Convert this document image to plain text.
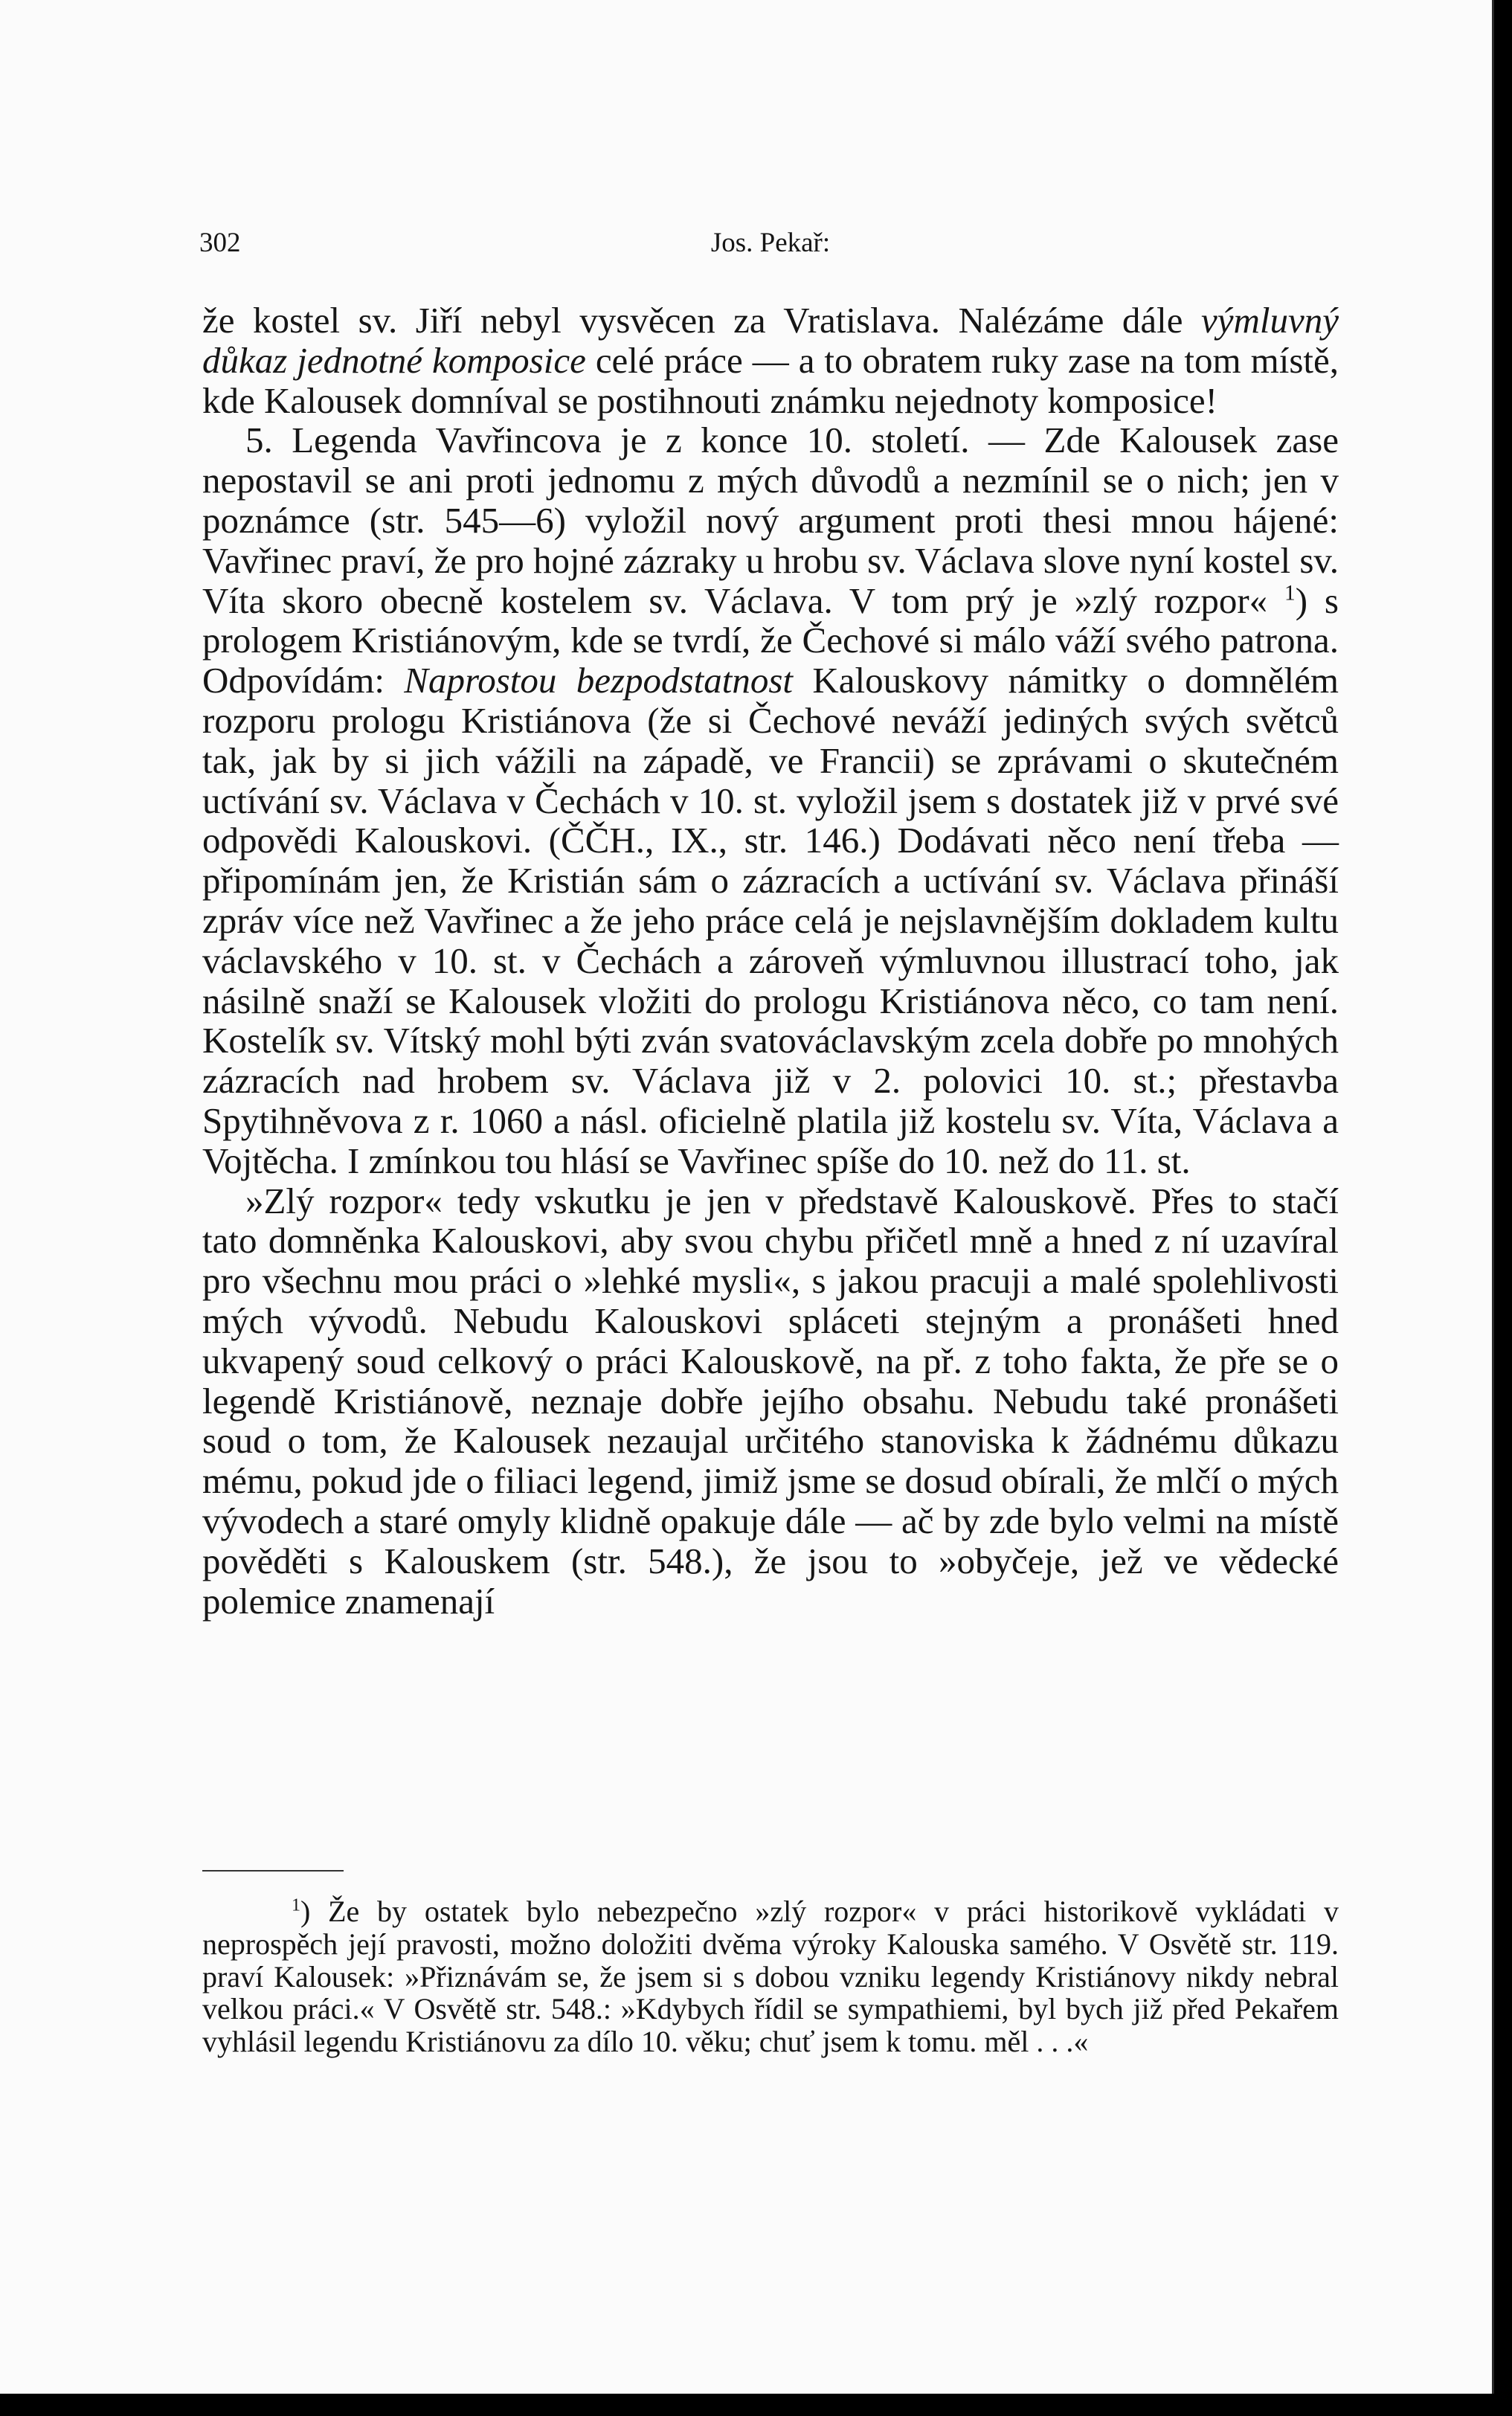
302	Jos. Pekař:

že kostel sv. Jiří nebyl vysvěcen za Vratislava. Nalézáme dále výmluvný důkaz jednotné komposice celé práce — a to obratem ruky zase na tom místě, kde Kalousek domníval se postihnouti známku nejednoty komposice!

5. Legenda Vavřincova je z konce 10. století. — Zde Kalousek zase nepostavil se ani proti jednomu z mých důvodů a nezmínil se o nich; jen v poznámce (str. 545—6) vyložil nový argument proti thesi mnou hájené: Vavřinec praví, že pro hojné zázraky u hrobu sv. Václava slove nyní kostel sv. Víta skoro obecně kostelem sv. Václava. V tom prý je »zlý rozpor« $^1$) s prologem Kristiánovým, kde se tvrdí, že Čechové si málo váží svého patrona. Odpovídám: Naprostou bezpodstatnost Kalouskovy námitky o domnělém rozporu prologu Kristiánova (že si Čechové neváží jediných svých světců tak, jak by si jich vážili na západě, ve Francii) se zprávami o skutečném uctívání sv. Václava v Čechách v 10. st. vyložil jsem s dostatek již v prvé své odpovědi Kalouskovi. (ČČH., IX., str. 146.) Dodávati něco není třeba — připomínám jen, že Kristián sám o zázracích a uctívání sv. Václava přináší zpráv více než Vavřinec a že jeho práce celá je nejslavnějším dokladem kultu václavského v 10. st. v Čechách a zároveň výmluvnou illustrací toho, jak násilně snaží se Kalousek vložiti do prologu Kristiánova něco, co tam není. Kostelík sv. Vítský mohl býti zván svatováclavským zcela dobře po mnohých zázracích nad hrobem sv. Václava již v 2. polovici 10. st.; přestavba Spytihněvova z r. 1060 a násl. oficielně platila již kostelu sv. Víta, Václava a Vojtěcha. I zmínkou tou hlásí se Vavřinec spíše do 10. než do 11. st.

»Zlý rozpor« tedy vskutku je jen v představě Kalouskově. Přes to stačí tato domněnka Kalouskovi, aby svou chybu přičetl mně a hned z ní uzavíral pro všechnu mou práci o »lehké mysli«, s jakou pracuji a malé spolehlivosti mých vývodů. Nebudu Kalouskovi spláceti stejným a pronášeti hned ukvapený soud celkový o práci Kalouskově, na př. z toho fakta, že pře se o legendě Kristiánově, neznaje dobře jejího obsahu. Nebudu také pronášeti soud o tom, že Kalousek nezaujal určitého stanoviska k žádnému důkazu mému, pokud jde o filiaci legend, jimiž jsme se dosud obírali, že mlčí o mých vývodech a staré omyly klidně opakuje dále — ač by zde bylo velmi na místě pověděti s Kalouskem (str. 548.), že jsou to »obyčeje, jež ve vědecké polemice znamenají

$^1$) Že by ostatek bylo nebezpečno »zlý rozpor« v práci historikově vykládati v neprospěch její pravosti, možno doložiti dvěma výroky Kalouska samého. V Osvětě str. 119. praví Kalousek: »Přiznávám se, že jsem si s dobou vzniku legendy Kristiánovy nikdy nebral velkou práci.« V Osvětě str. 548.: »Kdybych řídil se sympathiemi, byl bych již před Pekařem vyhlásil legendu Kristiánovu za dílo 10. věku; chuť jsem k tomu. měl . . .«
